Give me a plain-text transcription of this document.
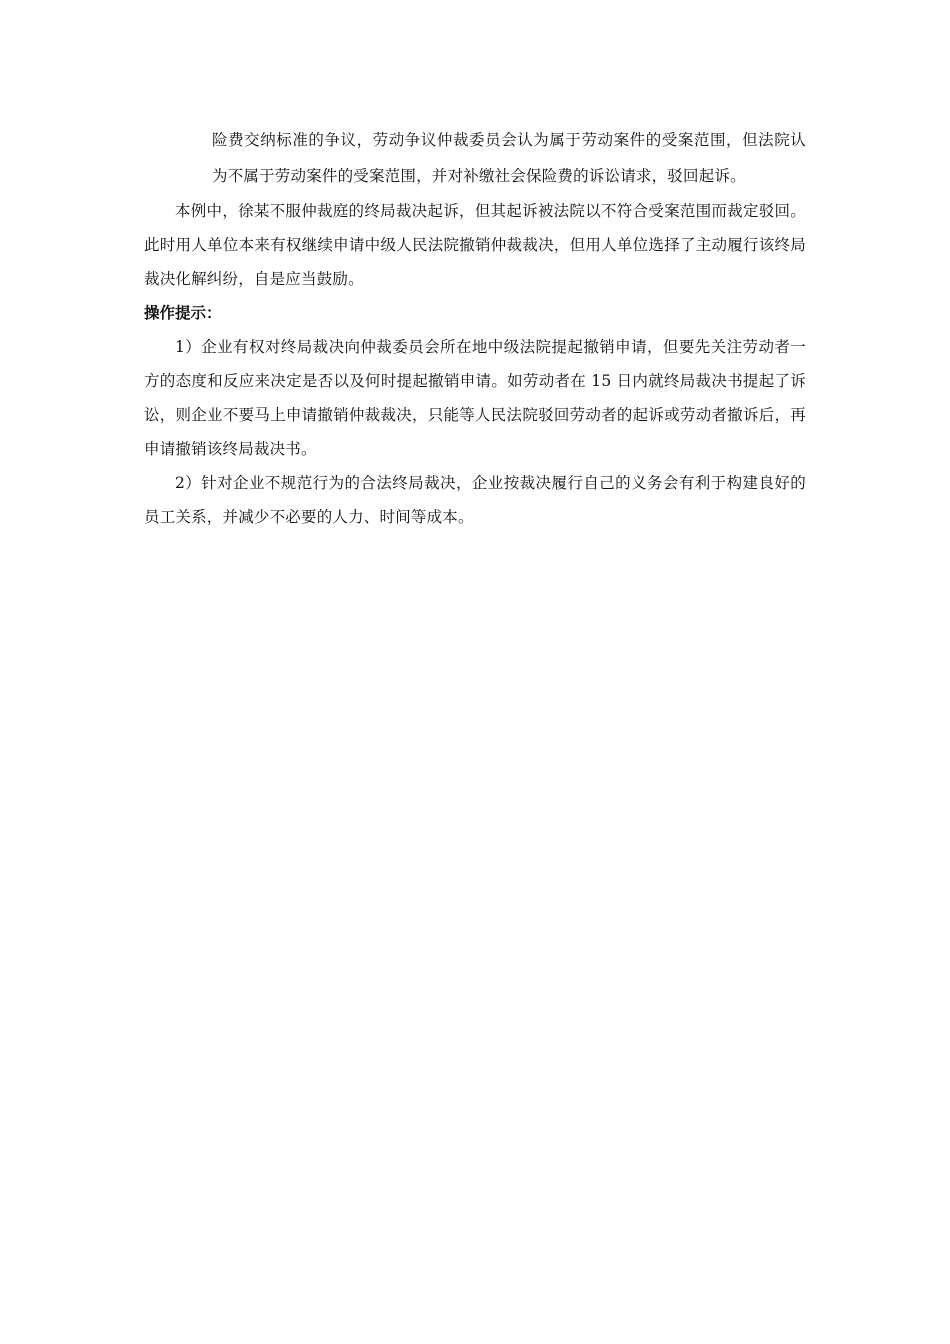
险费交纳标准的争议，劳动争议仲裁委员会认为属于劳动案件的受案范围，但法院认为不属于劳动案件的受案范围，并对补缴社会保险费的诉讼请求，驳回起诉。

本例中，徐某不服仲裁庭的终局裁决起诉，但其起诉被法院以不符合受案范围而裁定驳回。此时用人单位本来有权继续申请中级人民法院撤销仲裁裁决，但用人单位选择了主动履行该终局裁决化解纠纷，自是应当鼓励。

操作提示：

1）企业有权对终局裁决向仲裁委员会所在地中级法院提起撤销申请，但要先关注劳动者一方的态度和反应来决定是否以及何时提起撤销申请。如劳动者在 15 日内就终局裁决书提起了诉讼，则企业不要马上申请撤销仲裁裁决，只能等人民法院驳回劳动者的起诉或劳动者撤诉后，再申请撤销该终局裁决书。

2）针对企业不规范行为的合法终局裁决，企业按裁决履行自己的义务会有利于构建良好的员工关系，并减少不必要的人力、时间等成本。
